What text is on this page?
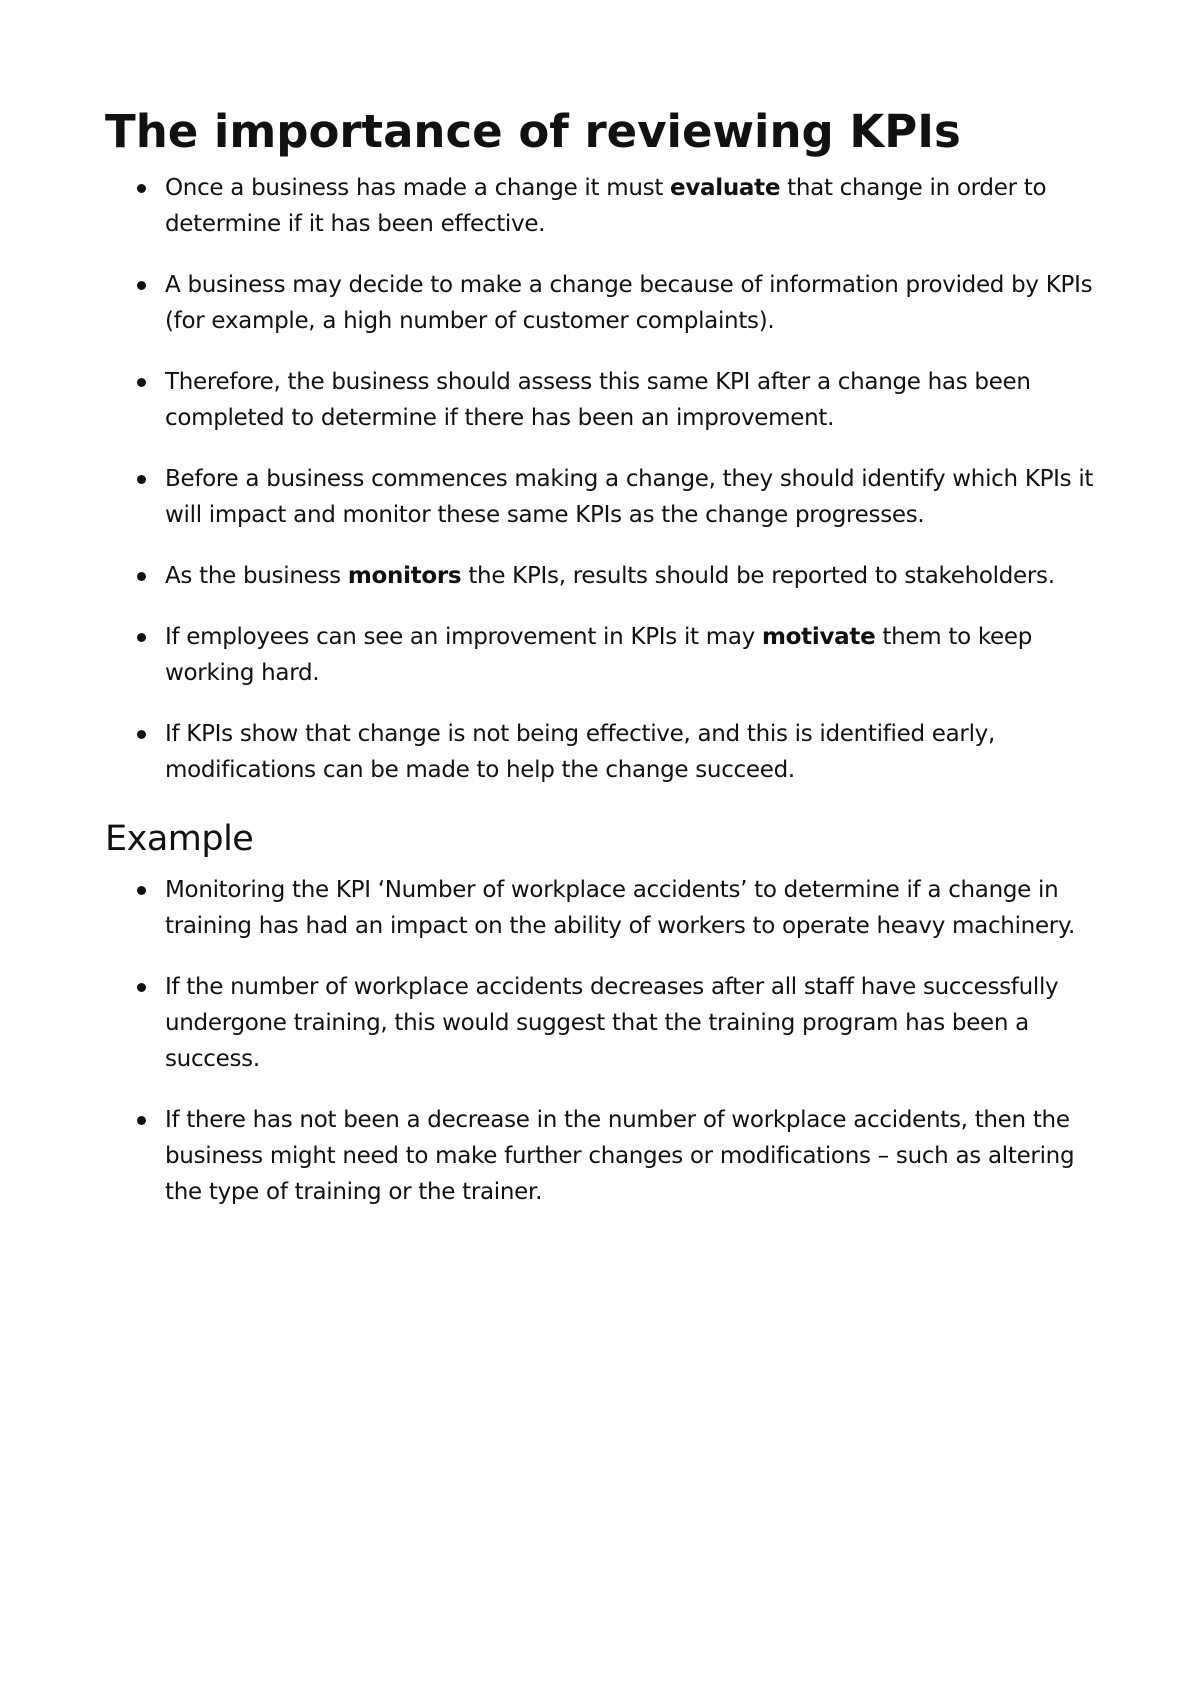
The importance of reviewing KPIs
Once a business has made a change it must evaluate that change in order to determine if it has been effective.
A business may decide to make a change because of information provided by KPIs (for example, a high number of customer complaints).
Therefore, the business should assess this same KPI after a change has been completed to determine if there has been an improvement.
Before a business commences making a change, they should identify which KPIs it will impact and monitor these same KPIs as the change progresses.
As the business monitors the KPIs, results should be reported to stakeholders.
If employees can see an improvement in KPIs it may motivate them to keep working hard.
If KPIs show that change is not being effective, and this is identified early, modifications can be made to help the change succeed.
Example
Monitoring the KPI ‘Number of workplace accidents’ to determine if a change in training has had an impact on the ability of workers to operate heavy machinery.
If the number of workplace accidents decreases after all staff have successfully undergone training, this would suggest that the training program has been a success.
If there has not been a decrease in the number of workplace accidents, then the business might need to make further changes or modifications – such as altering the type of training or the trainer.
